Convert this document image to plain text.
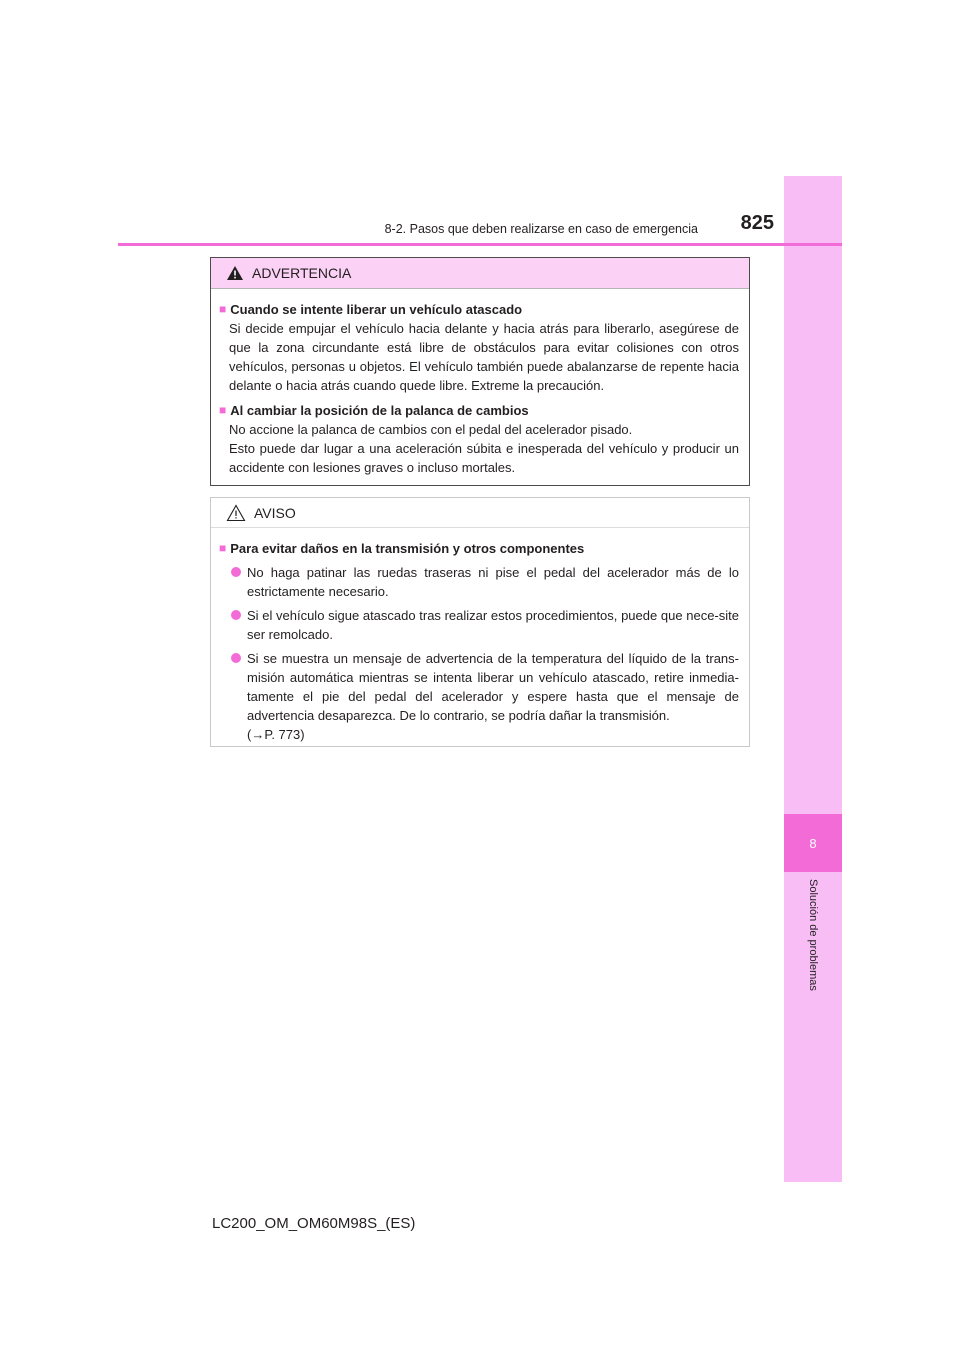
8
Solución de problemas
8-2. Pasos que deben realizarse en caso de emergencia	825
ADVERTENCIA
■ Cuando se intente liberar un vehículo atascado
Si decide empujar el vehículo hacia delante y hacia atrás para liberarlo, asegúrese de que la zona circundante está libre de obstáculos para evitar colisiones con otros vehículos, personas u objetos. El vehículo también puede abalanzarse de repente hacia delante o hacia atrás cuando quede libre. Extreme la precaución.
■ Al cambiar la posición de la palanca de cambios
No accione la palanca de cambios con el pedal del acelerador pisado.
Esto puede dar lugar a una aceleración súbita e inesperada del vehículo y producir un accidente con lesiones graves o incluso mortales.
AVISO
■ Para evitar daños en la transmisión y otros componentes
No haga patinar las ruedas traseras ni pise el pedal del acelerador más de lo estrictamente necesario.
Si el vehículo sigue atascado tras realizar estos procedimientos, puede que nece-site ser remolcado.
Si se muestra un mensaje de advertencia de la temperatura del líquido de la trans-misión automática mientras se intenta liberar un vehículo atascado, retire inmedia-tamente el pie del pedal del acelerador y espere hasta que el mensaje de advertencia desaparezca. De lo contrario, se podría dañar la transmisión.
(→P. 773)
LC200_OM_OM60M98S_(ES)
